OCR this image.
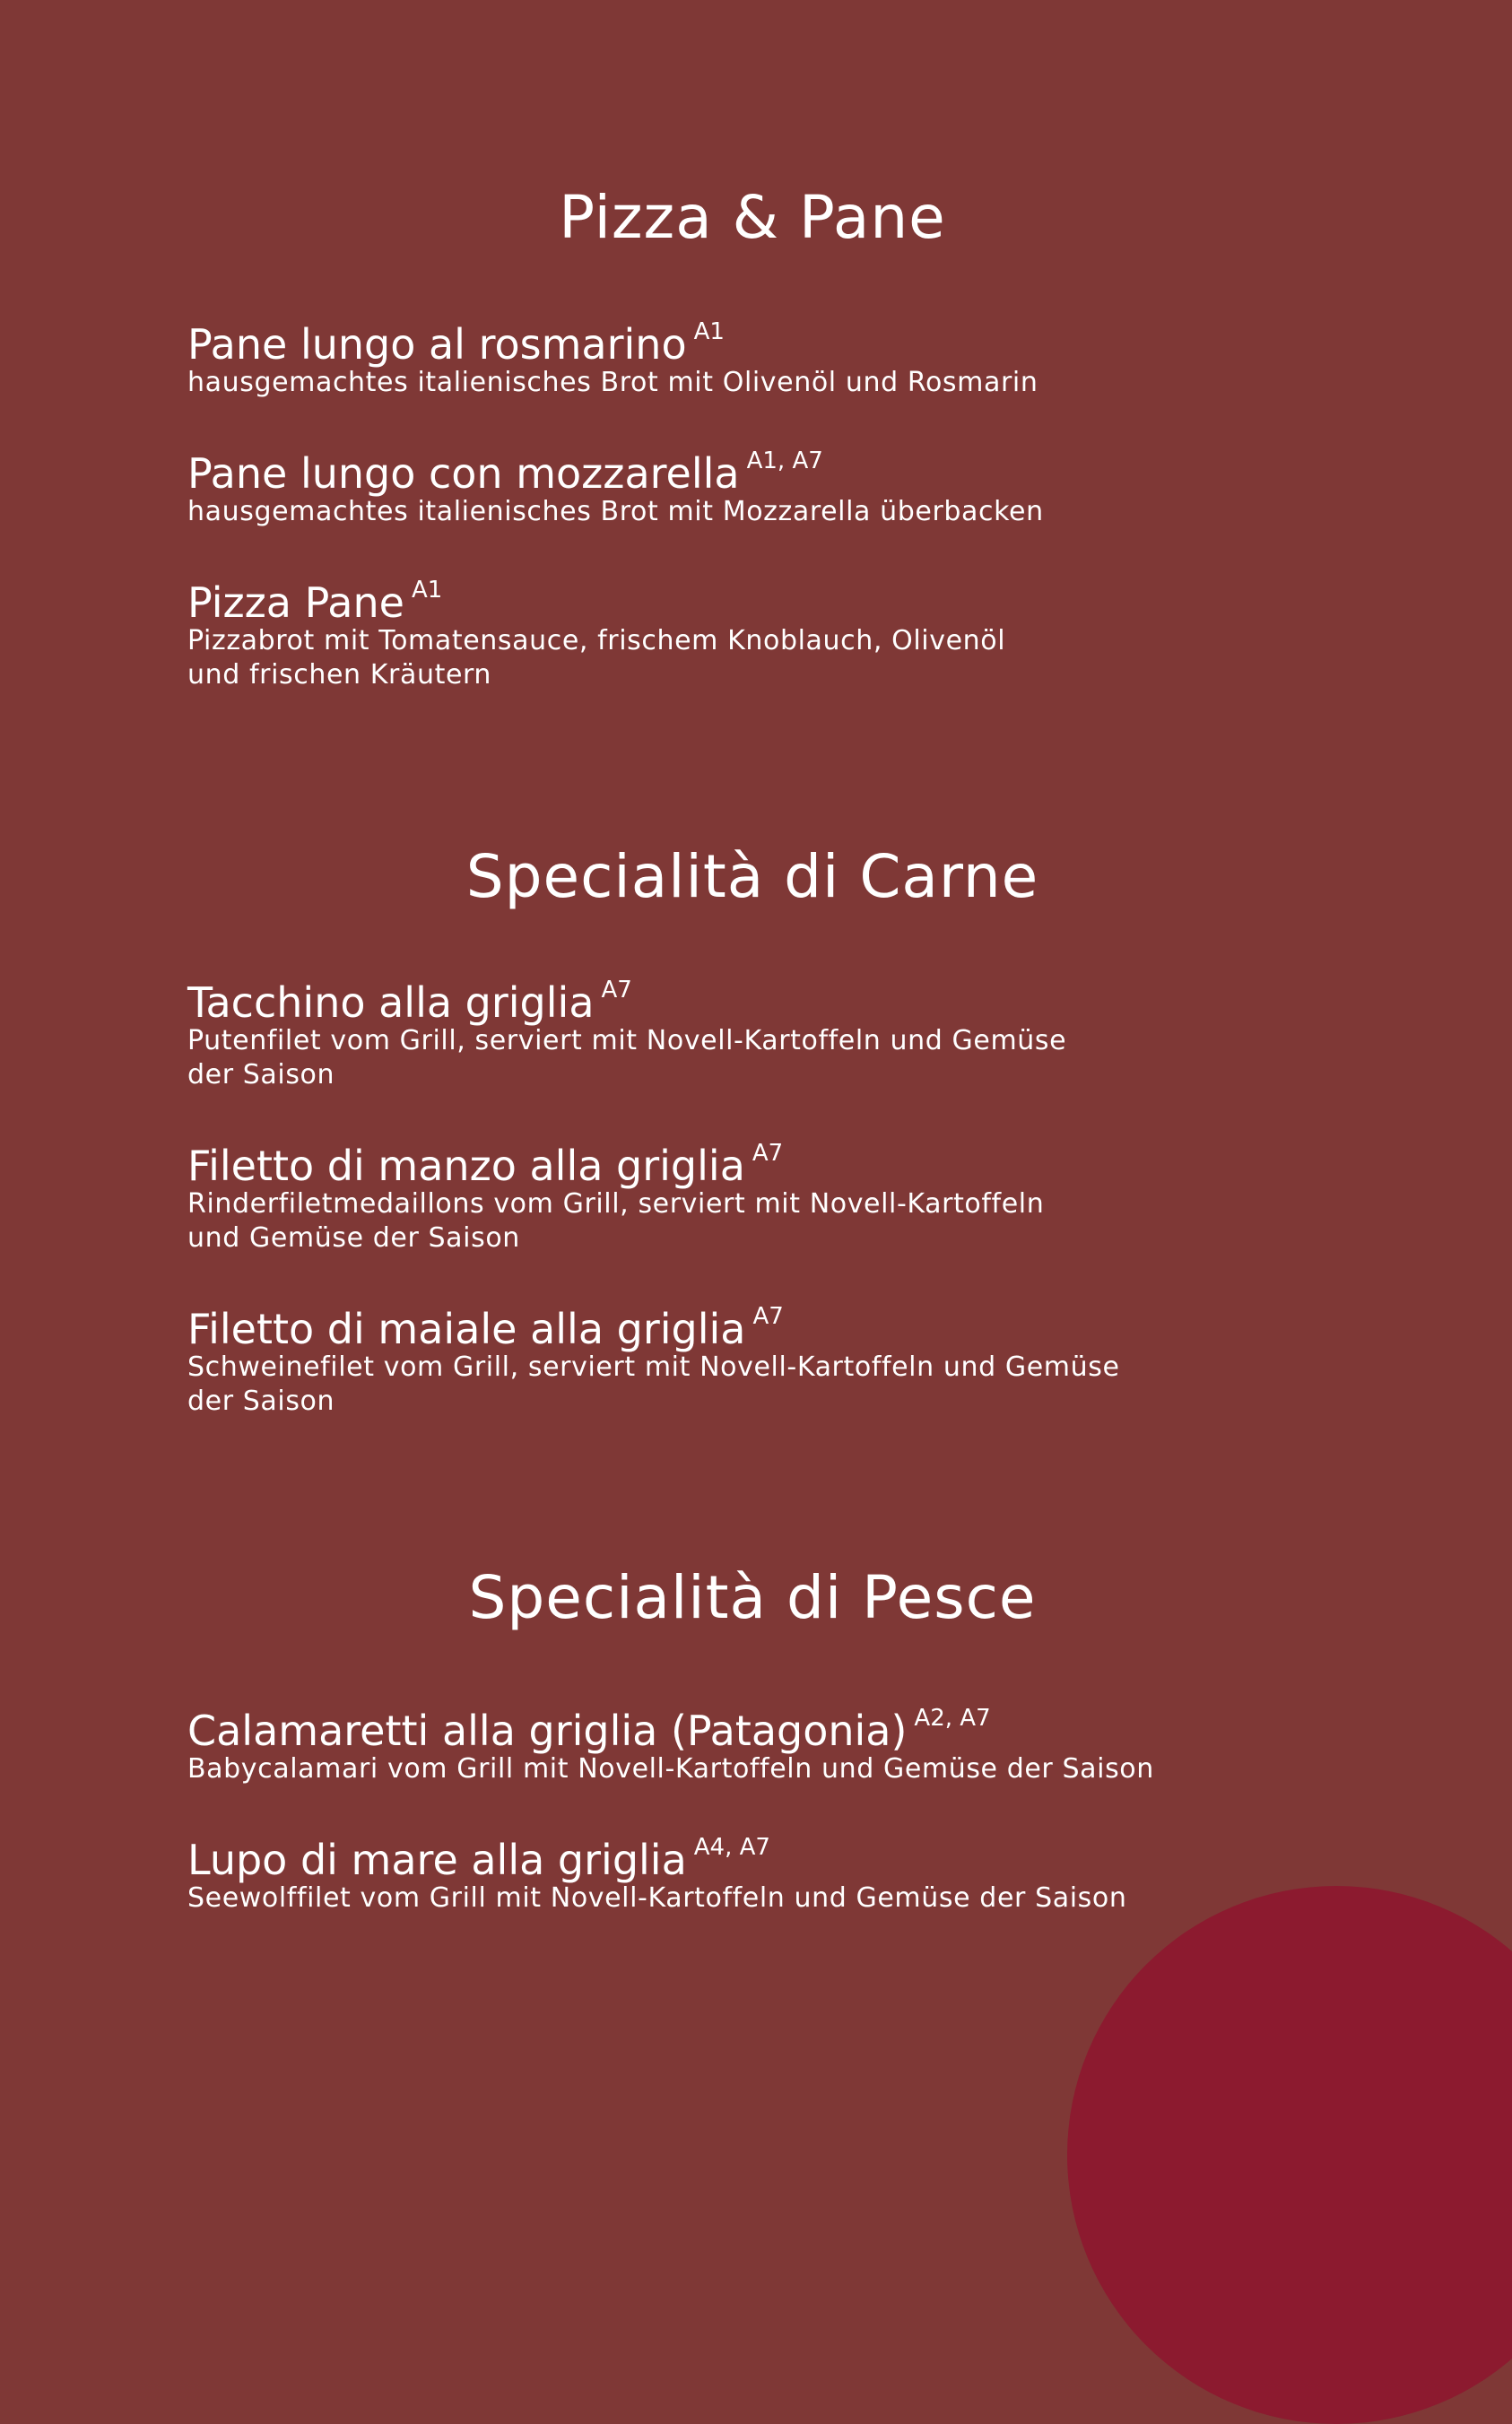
Pizza & Pane
Pane lungo al rosmarino $^{A1}$
hausgemachtes italienisches Brot mit Olivenöl und Rosmarin
Pane lungo con mozzarella $^{A1, A7}$
hausgemachtes italienisches Brot mit Mozzarella überbacken
Pizza Pane $^{A1}$
Pizzabrot mit Tomatensauce, frischem Knoblauch, Olivenöl
und frischen Kräutern
Specialità di Carne
Tacchino alla griglia $^{A7}$
Putenfilet vom Grill, serviert mit Novell-Kartoffeln und Gemüse
der Saison
Filetto di manzo alla griglia $^{A7}$
Rinderfiletmedaillons vom Grill, serviert mit Novell-Kartoffeln
und Gemüse der Saison
Filetto di maiale alla griglia $^{A7}$
Schweinefilet vom Grill, serviert mit Novell-Kartoffeln und Gemüse
der Saison
Specialità di Pesce
Calamaretti alla griglia (Patagonia) $^{A2, A7}$
Babycalamari vom Grill mit Novell-Kartoffeln und Gemüse der Saison
Lupo di mare alla griglia $^{A4, A7}$
Seewolffilet vom Grill mit Novell-Kartoffeln und Gemüse der Saison
